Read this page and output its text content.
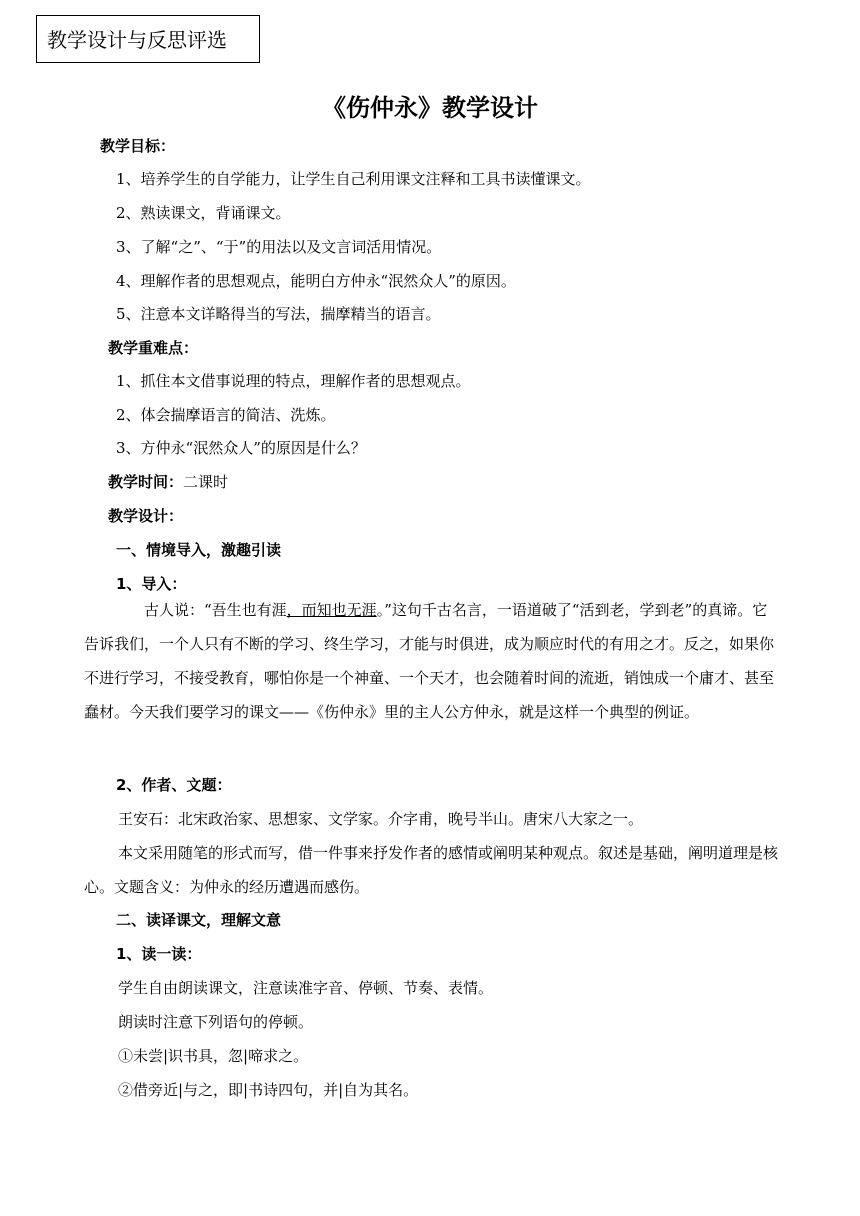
教学设计与反思评选
《伤仲永》教学设计
教学目标：
1、培养学生的自学能力，让学生自己利用课文注释和工具书读懂课文。
2、熟读课文，背诵课文。
3、了解“之”、“于”的用法以及文言词活用情况。
4、理解作者的思想观点，能明白方仲永“泯然众人”的原因。
5、注意本文详略得当的写法，揣摩精当的语言。
教学重难点：
1、抓住本文借事说理的特点，理解作者的思想观点。
2、体会揣摩语言的简洁、洗炼。
3、方仲永“泯然众人”的原因是什么？
教学时间：二课时
教学设计：
一、情境导入，激趣引读
1、导入：
古人说：“吾生也有涯，而知也无涯。”这句千古名言，一语道破了“活到老，学到老”的真谛。它告诉我们，一个人只有不断的学习、终生学习，才能与时俱进，成为顺应时代的有用之才。反之，如果你不进行学习，不接受教育，哪怕你是一个神童、一个天才，也会随着时间的流逝，销蚀成一个庸才、甚至蠢材。今天我们要学习的课文——《伤仲永》里的主人公方仲永，就是这样一个典型的例证。
2、作者、文题：
王安石：北宋政治家、思想家、文学家。介字甫，晚号半山。唐宋八大家之一。
本文采用随笔的形式而写，借一件事来抒发作者的感情或阐明某种观点。叙述是基础，阐明道理是核心。文题含义：为仲永的经历遭遇而感伤。
二、读译课文，理解文意
1、读一读：
学生自由朗读课文，注意读准字音、停顿、节奏、表情。
朗读时注意下列语句的停顿。
①未尝|识书具，忽|啼求之。
②借旁近|与之，即|书诗四句，并|自为其名。
